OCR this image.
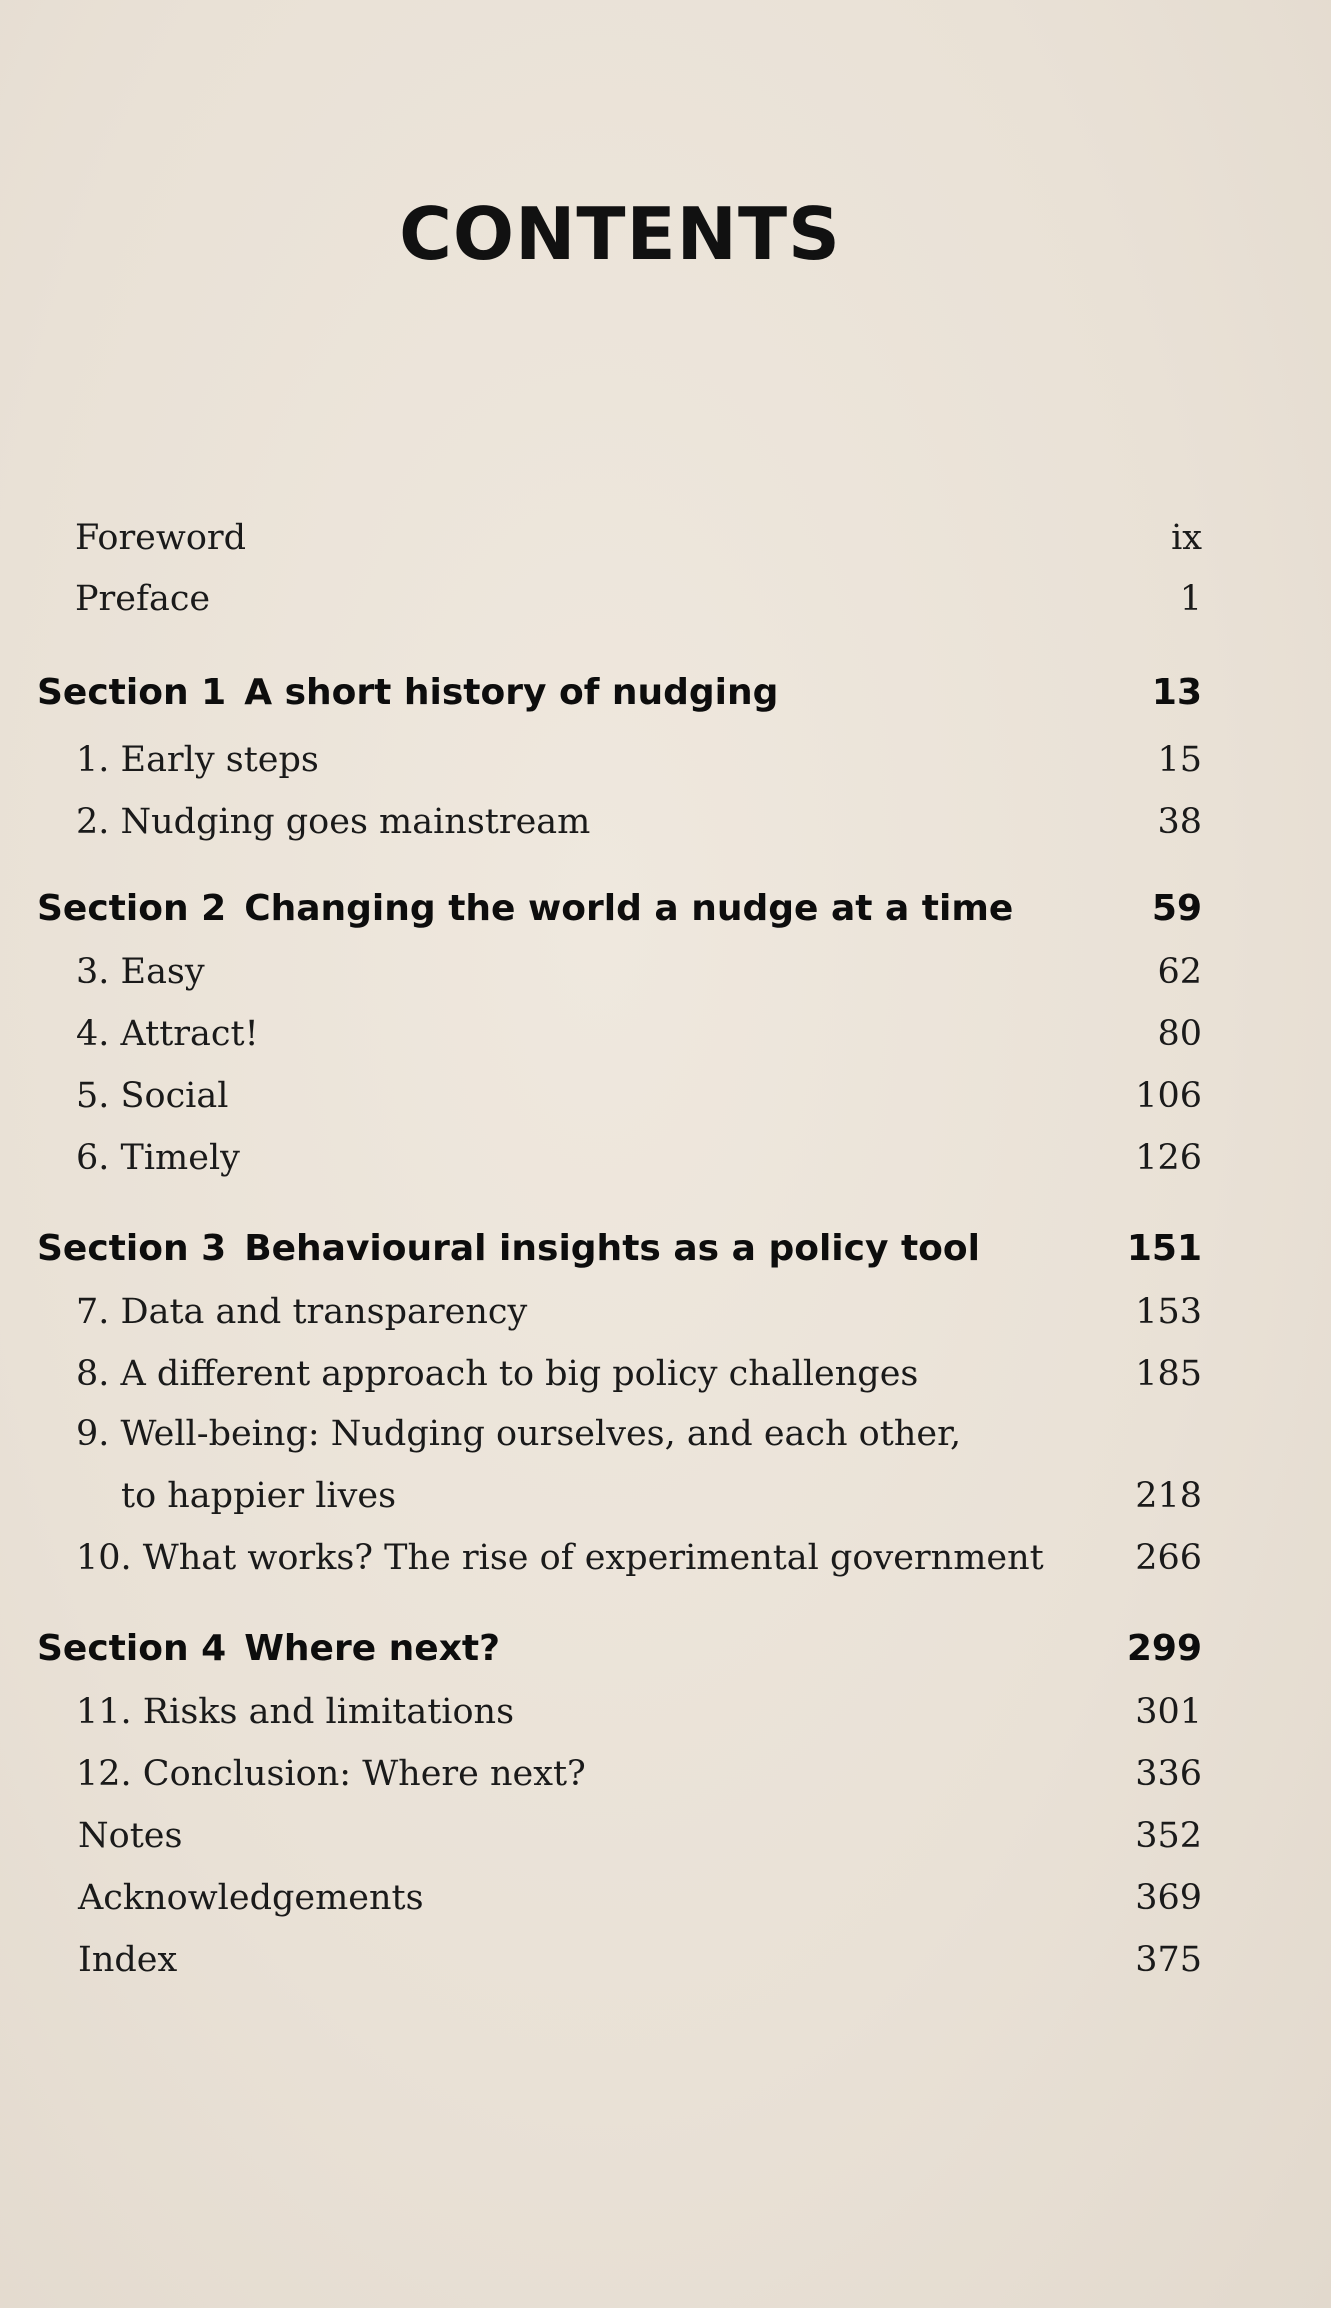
CONTENTS
Foreword	ix
Preface	1
Section 1 A short history of nudging	13
1. Early steps	15
2. Nudging goes mainstream	38
Section 2 Changing the world a nudge at a time	59
3. Easy	62
4. Attract!	80
5. Social	106
6. Timely	126
Section 3 Behavioural insights as a policy tool	151
7. Data and transparency	153
8. A different approach to big policy challenges	185
9. Well-being: Nudging ourselves, and each other,
to happier lives	218
10. What works? The rise of experimental government	266
Section 4 Where next?	299
11. Risks and limitations	301
12. Conclusion: Where next?	336
Notes	352
Acknowledgements	369
Index	375
